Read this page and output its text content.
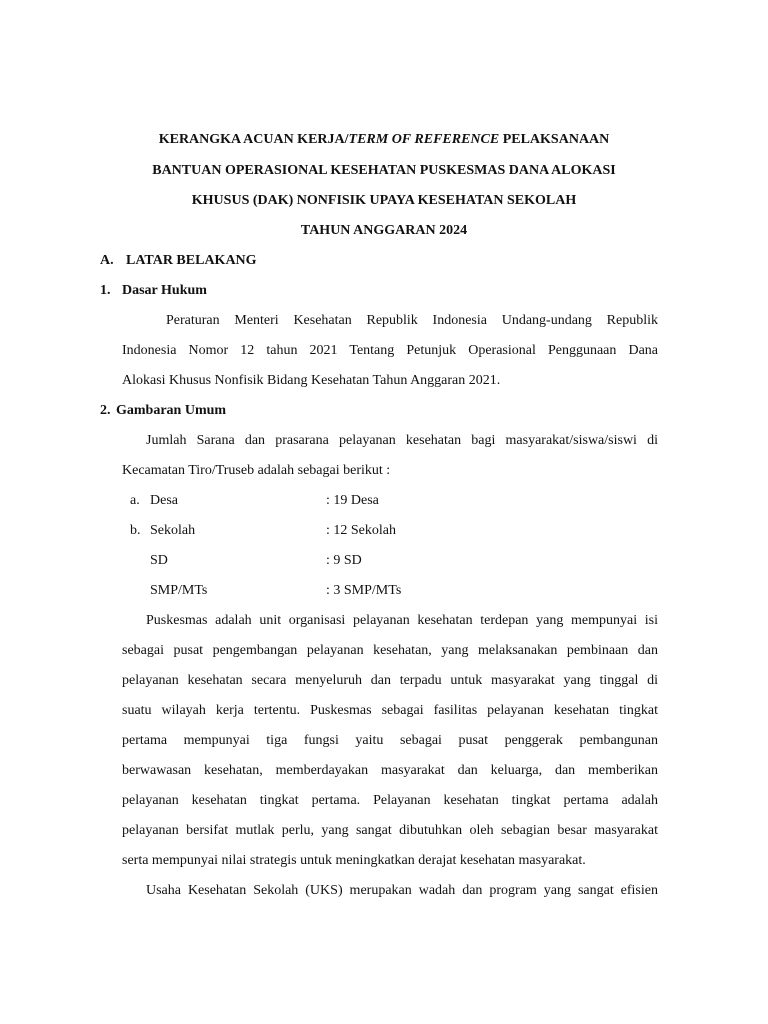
KERANGKA ACUAN KERJA/TERM OF REFERENCE PELAKSANAAN
BANTUAN OPERASIONAL KESEHATAN PUSKESMAS DANA ALOKASI
KHUSUS (DAK) NONFISIK UPAYA KESEHATAN SEKOLAH
TAHUN ANGGARAN 2024
A. LATAR BELAKANG
1. Dasar Hukum
Peraturan Menteri Kesehatan Republik Indonesia Undang-undang Republik
Indonesia Nomor 12 tahun 2021 Tentang Petunjuk Operasional Penggunaan Dana
Alokasi Khusus Nonfisik Bidang Kesehatan Tahun Anggaran 2021.
2. Gambaran Umum
Jumlah Sarana dan prasarana pelayanan kesehatan bagi masyarakat/siswa/siswi di
Kecamatan Tiro/Truseb adalah sebagai berikut :
a. Desa	: 19 Desa
b. Sekolah	: 12 Sekolah
SD	: 9 SD
SMP/MTs	: 3 SMP/MTs
Puskesmas adalah unit organisasi pelayanan kesehatan terdepan yang mempunyai isi
sebagai pusat pengembangan pelayanan kesehatan, yang melaksanakan pembinaan dan
pelayanan kesehatan secara menyeluruh dan terpadu untuk masyarakat yang tinggal di
suatu wilayah kerja tertentu. Puskesmas sebagai fasilitas pelayanan kesehatan tingkat
pertama mempunyai tiga fungsi yaitu sebagai pusat penggerak pembangunan
berwawasan kesehatan, memberdayakan masyarakat dan keluarga, dan memberikan
pelayanan kesehatan tingkat pertama. Pelayanan kesehatan tingkat pertama adalah
pelayanan bersifat mutlak perlu, yang sangat dibutuhkan oleh sebagian besar masyarakat
serta mempunyai nilai strategis untuk meningkatkan derajat kesehatan masyarakat.
Usaha Kesehatan Sekolah (UKS) merupakan wadah dan program yang sangat efisien
